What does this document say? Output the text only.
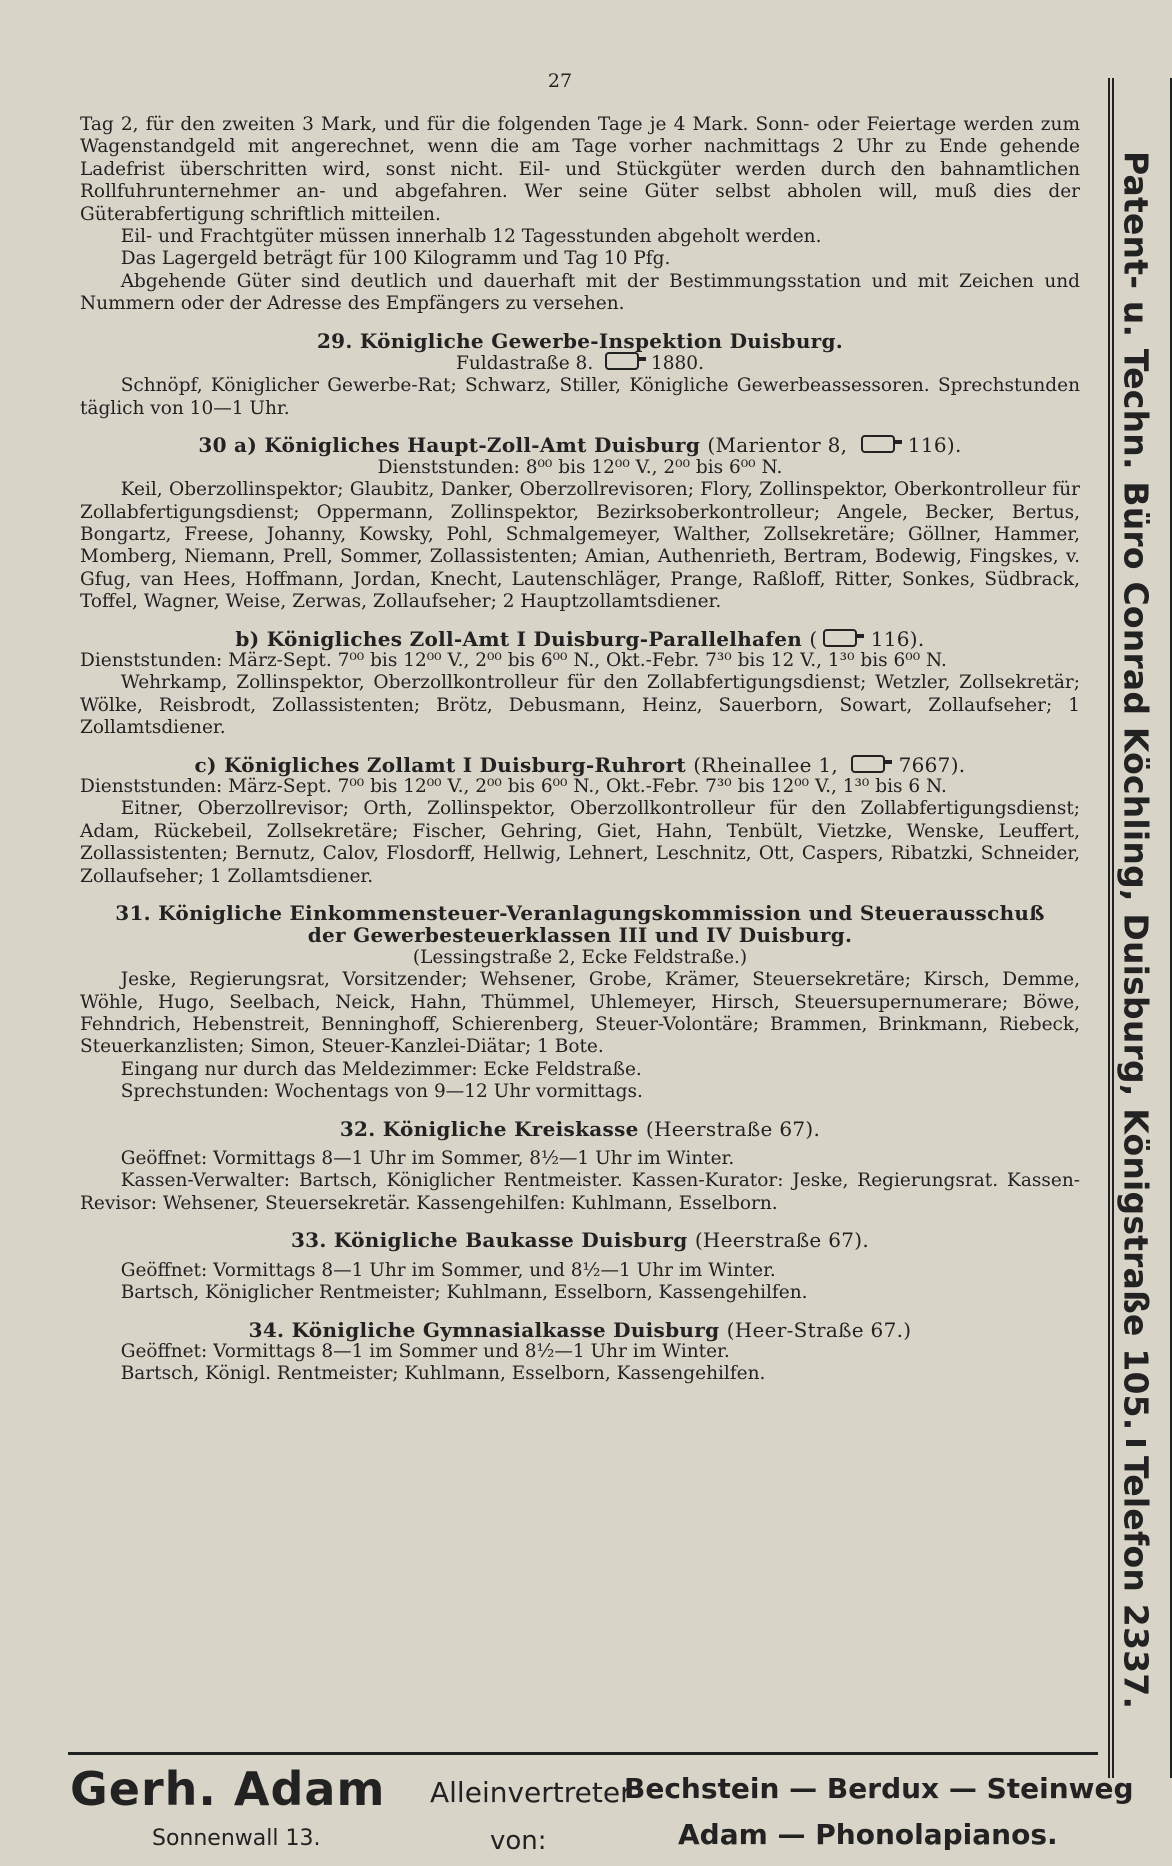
27

Tag 2, für den zweiten 3 Mark, und für die folgenden Tage je 4 Mark. Sonn- oder Feiertage werden zum Wagenstandgeld mit angerechnet, wenn die am Tage vorher nachmittags 2 Uhr zu Ende gehende Ladefrist überschritten wird, sonst nicht. Eil- und Stückgüter werden durch den bahnamtlichen Rollfuhrunternehmer an- und abgefahren. Wer seine Güter selbst abholen will, muß dies der Güterabfertigung schriftlich mitteilen.

Eil- und Frachtgüter müssen innerhalb 12 Tagesstunden abgeholt werden.

Das Lagergeld beträgt für 100 Kilogramm und Tag 10 Pfg.

Abgehende Güter sind deutlich und dauerhaft mit der Bestimmungsstation und mit Zeichen und Nummern oder der Adresse des Empfängers zu versehen.

29. Königliche Gewerbe-Inspektion Duisburg.

Fuldastraße 8.	1880.

Schnöpf, Königlicher Gewerbe-Rat; Schwarz, Stiller, Königliche Gewerbeassessoren. Sprechstunden täglich von 10—1 Uhr.

30 a) Königliches Haupt-Zoll-Amt Duisburg (Marientor 8,	116).

Dienststunden: 8⁰⁰ bis 12⁰⁰ V., 2⁰⁰ bis 6⁰⁰ N.

Keil, Oberzollinspektor; Glaubitz, Danker, Oberzollrevisoren; Flory, Zollinspektor, Oberkontrolleur für Zollabfertigungsdienst; Oppermann, Zollinspektor, Bezirksoberkontrolleur; Angele, Becker, Bertus, Bongartz, Freese, Johanny, Kowsky, Pohl, Schmalgemeyer, Walther, Zollsekretäre; Göllner, Hammer, Momberg, Niemann, Prell, Sommer, Zollassistenten; Amian, Authenrieth, Bertram, Bodewig, Fingskes, v. Gfug, van Hees, Hoffmann, Jordan, Knecht, Lautenschläger, Prange, Raßloff, Ritter, Sonkes, Südbrack, Toffel, Wagner, Weise, Zerwas, Zollaufseher; 2 Hauptzollamtsdiener.

b) Königliches Zoll-Amt I Duisburg-Parallelhafen (	116).

Dienststunden: März-Sept. 7⁰⁰ bis 12⁰⁰ V., 2⁰⁰ bis 6⁰⁰ N., Okt.-Febr. 7³⁰ bis 12 V., 1³⁰ bis 6⁰⁰ N.

Wehrkamp, Zollinspektor, Oberzollkontrolleur für den Zollabfertigungsdienst; Wetzler, Zollsekretär; Wölke, Reisbrodt, Zollassistenten; Brötz, Debusmann, Heinz, Sauerborn, Sowart, Zollaufseher; 1 Zollamtsdiener.

c) Königliches Zollamt I Duisburg-Ruhrort (Rheinallee 1,	7667).

Dienststunden: März-Sept. 7⁰⁰ bis 12⁰⁰ V., 2⁰⁰ bis 6⁰⁰ N., Okt.-Febr. 7³⁰ bis 12⁰⁰ V., 1³⁰ bis 6 N.

Eitner, Oberzollrevisor; Orth, Zollinspektor, Oberzollkontrolleur für den Zollabfertigungsdienst; Adam, Rückebeil, Zollsekretäre; Fischer, Gehring, Giet, Hahn, Tenbült, Vietzke, Wenske, Leuffert, Zollassistenten; Bernutz, Calov, Flosdorff, Hellwig, Lehnert, Leschnitz, Ott, Caspers, Ribatzki, Schneider, Zollaufseher; 1 Zollamtsdiener.

31. Königliche Einkommensteuer-Veranlagungskommission und Steuerausschuß

der Gewerbesteuerklassen III und IV Duisburg.

(Lessingstraße 2, Ecke Feldstraße.)

Jeske, Regierungsrat, Vorsitzender; Wehsener, Grobe, Krämer, Steuersekretäre; Kirsch, Demme, Wöhle, Hugo, Seelbach, Neick, Hahn, Thümmel, Uhlemeyer, Hirsch, Steuersupernumerare; Böwe, Fehndrich, Hebenstreit, Benninghoff, Schierenberg, Steuer-Volontäre; Brammen, Brinkmann, Riebeck, Steuerkanzlisten; Simon, Steuer-Kanzlei-Diätar; 1 Bote.

Eingang nur durch das Meldezimmer: Ecke Feldstraße.

Sprechstunden: Wochentags von 9—12 Uhr vormittags.

32. Königliche Kreiskasse (Heerstraße 67).

Geöffnet: Vormittags 8—1 Uhr im Sommer, 8½—1 Uhr im Winter.

Kassen-Verwalter: Bartsch, Königlicher Rentmeister. Kassen-Kurator: Jeske, Regierungsrat. Kassen-Revisor: Wehsener, Steuersekretär. Kassengehilfen: Kuhlmann, Esselborn.

33. Königliche Baukasse Duisburg (Heerstraße 67).

Geöffnet: Vormittags 8—1 Uhr im Sommer, und 8½—1 Uhr im Winter.

Bartsch, Königlicher Rentmeister; Kuhlmann, Esselborn, Kassengehilfen.

34. Königliche Gymnasialkasse Duisburg (Heer-Straße 67.)

Geöffnet: Vormittags 8—1 im Sommer und 8½—1 Uhr im Winter.

Bartsch, Königl. Rentmeister; Kuhlmann, Esselborn, Kassengehilfen.	Patent- u. Techn. Büro Conrad Köchling, Duisburg, Königstraße 105.
Telefon 2337.
Gerh. Adam
Sonnenwall 13.
Alleinvertreter
von:
Bechstein — Berdux — Steinweg
Adam — Phonolapianos.
